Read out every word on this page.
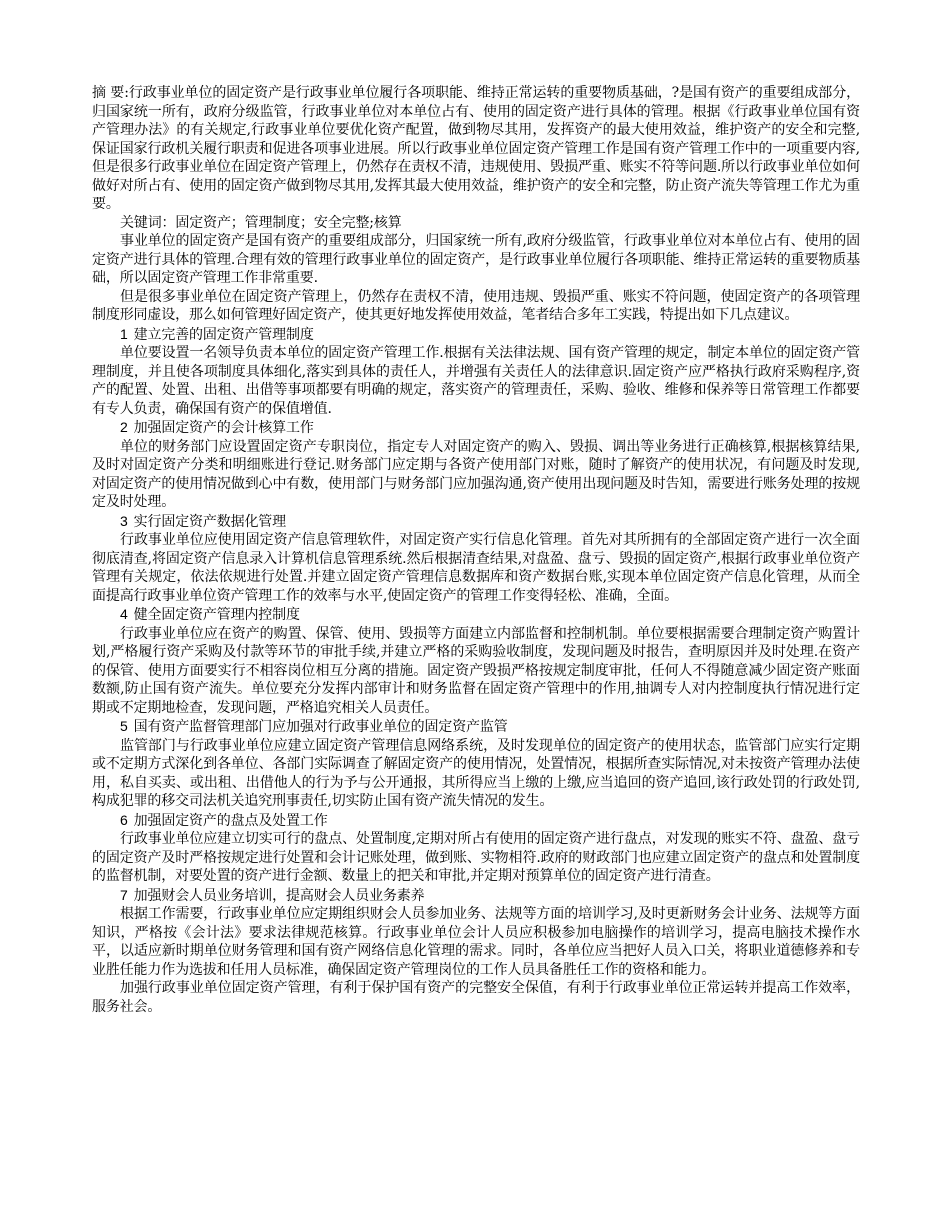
摘 要:行政事业单位的固定资产是行政事业单位履行各项职能、维持正常运转的重要物质基础，?是国有资产的重要组成部分，归国家统一所有，政府分级监管，行政事业单位对本单位占有、使用的固定资产进行具体的管理。根据《行政事业单位国有资产管理办法》的有关规定,行政事业单位要优化资产配置，做到物尽其用，发挥资产的最大使用效益，维护资产的安全和完整,保证国家行政机关履行职责和促进各项事业进展。所以行政事业单位固定资产管理工作是国有资产管理工作中的一项重要内容,但是很多行政事业单位在固定资产管理上，仍然存在责权不清，违规使用、毁损严重、账实不符等问题.所以行政事业单位如何做好对所占有、使用的固定资产做到物尽其用,发挥其最大使用效益，维护资产的安全和完整，防止资产流失等管理工作尤为重要。

关键词：固定资产；管理制度；安全完整;核算

事业单位的固定资产是国有资产的重要组成部分，归国家统一所有,政府分级监管，行政事业单位对本单位占有、使用的固定资产进行具体的管理.合理有效的管理行政事业单位的固定资产，是行政事业单位履行各项职能、维持正常运转的重要物质基础，所以固定资产管理工作非常重要.

但是很多事业单位在固定资产管理上，仍然存在责权不清，使用违规、毁损严重、账实不符问题，使固定资产的各项管理制度形同虚设，那么如何管理好固定资产，使其更好地发挥使用效益，笔者结合多年工实践，特提出如下几点建议。

1 建立完善的固定资产管理制度

单位要设置一名领导负责本单位的固定资产管理工作.根据有关法律法规、国有资产管理的规定，制定本单位的固定资产管理制度，并且使各项制度具体细化,落实到具体的责任人，并增强有关责任人的法律意识.固定资产应严格执行政府采购程序,资产的配置、处置、出租、出借等事项都要有明确的规定，落实资产的管理责任，采购、验收、维修和保养等日常管理工作都要有专人负责，确保国有资产的保值增值.

2 加强固定资产的会计核算工作

单位的财务部门应设置固定资产专职岗位，指定专人对固定资产的购入、毁损、调出等业务进行正确核算,根据核算结果,及时对固定资产分类和明细账进行登记.财务部门应定期与各资产使用部门对账，随时了解资产的使用状况，有问题及时发现,对固定资产的使用情况做到心中有数，使用部门与财务部门应加强沟通,资产使用出现问题及时告知，需要进行账务处理的按规定及时处理。

3 实行固定资产数据化管理

行政事业单位应使用固定资产信息管理软件，对固定资产实行信息化管理。首先对其所拥有的全部固定资产进行一次全面彻底清查,将固定资产信息录入计算机信息管理系统.然后根据清查结果,对盘盈、盘亏、毁损的固定资产,根据行政事业单位资产管理有关规定，依法依规进行处置.并建立固定资产管理信息数据库和资产数据台账,实现本单位固定资产信息化管理，从而全面提高行政事业单位资产管理工作的效率与水平,使固定资产的管理工作变得轻松、准确，全面。

4 健全固定资产管理内控制度

行政事业单位应在资产的购置、保管、使用、毁损等方面建立内部监督和控制机制。单位要根据需要合理制定资产购置计划,严格履行资产采购及付款等环节的审批手续,并建立严格的采购验收制度，发现问题及时报告，查明原因并及时处理.在资产的保管、使用方面要实行不相容岗位相互分离的措施。固定资产毁损严格按规定制度审批，任何人不得随意减少固定资产账面数额,防止国有资产流失。单位要充分发挥内部审计和财务监督在固定资产管理中的作用,抽调专人对内控制度执行情况进行定期或不定期地检查，发现问题，严格追究相关人员责任。

5 国有资产监督管理部门应加强对行政事业单位的固定资产监管

监管部门与行政事业单位应建立固定资产管理信息网络系统，及时发现单位的固定资产的使用状态，监管部门应实行定期或不定期方式深化到各单位、各部门实际调查了解固定资产的使用情况，处置情况，根据所查实际情况,对未按资产管理办法使用，私自买卖、或出租、出借他人的行为予与公开通报，其所得应当上缴的上缴,应当追回的资产追回,该行政处罚的行政处罚,构成犯罪的移交司法机关追究刑事责任,切实防止国有资产流失情况的发生。

6 加强固定资产的盘点及处置工作

行政事业单位应建立切实可行的盘点、处置制度,定期对所占有使用的固定资产进行盘点，对发现的账实不符、盘盈、盘亏的固定资产及时严格按规定进行处置和会计记账处理，做到账、实物相符.政府的财政部门也应建立固定资产的盘点和处置制度的监督机制，对要处置的资产进行金额、数量上的把关和审批,并定期对预算单位的固定资产进行清查。

7 加强财会人员业务培训，提高财会人员业务素养

根据工作需要，行政事业单位应定期组织财会人员参加业务、法规等方面的培训学习,及时更新财务会计业务、法规等方面知识，严格按《会计法》要求法律规范核算。行政事业单位会计人员应积极参加电脑操作的培训学习，提高电脑技术操作水平，以适应新时期单位财务管理和国有资产网络信息化管理的需求。同时，各单位应当把好人员入口关，将职业道德修养和专业胜任能力作为选拔和任用人员标准，确保固定资产管理岗位的工作人员具备胜任工作的资格和能力。

加强行政事业单位固定资产管理，有利于保护国有资产的完整安全保值，有利于行政事业单位正常运转并提高工作效率，服务社会。
